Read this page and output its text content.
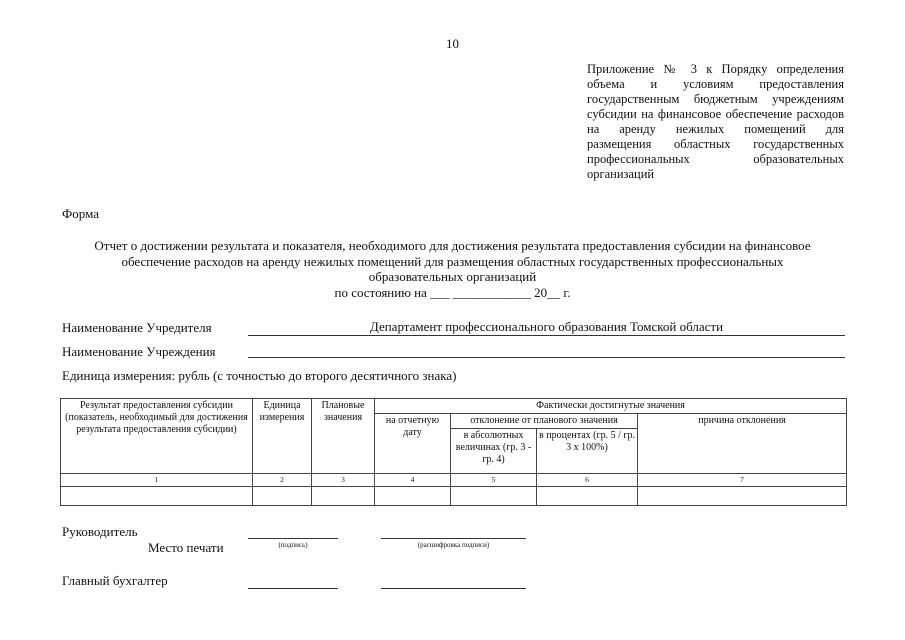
10
Приложение № 3 к Порядку определения объема и условиям предоставления государственным бюджетным учреждениям субсидии на финансовое обеспечение расходов на аренду нежилых помещений для размещения областных государственных профессиональных образовательных организаций
Форма
Отчет о достижении результата и показателя, необходимого для достижения результата предоставления субсидии на финансовое
обеспечение расходов на аренду нежилых помещений для размещения областных государственных профессиональных
образовательных организаций
по состоянию на ___ ____________ 20__ г.
Наименование Учредителя	Департамент профессионального образования Томской области
Наименование Учреждения
Единица измерения: рубль (с точностью до второго десятичного знака)
Результат предоставления субсидии (показатель, необходимый для достижения результата предоставления субсидии)	Единица измерения	Плановые значения	Фактически достигнутые значения			
			на отчетную дату	отклонение от планового значения		причина отклонения
				в абсолютных величинах (гр. 3 - гр. 4)	в процентах (гр. 5 / гр. 3 x 100%)	
1	2	3	4	5	6	7

Руководитель
Место печати	(подпись)	(расшифровка подписи)
Главный бухгалтер
